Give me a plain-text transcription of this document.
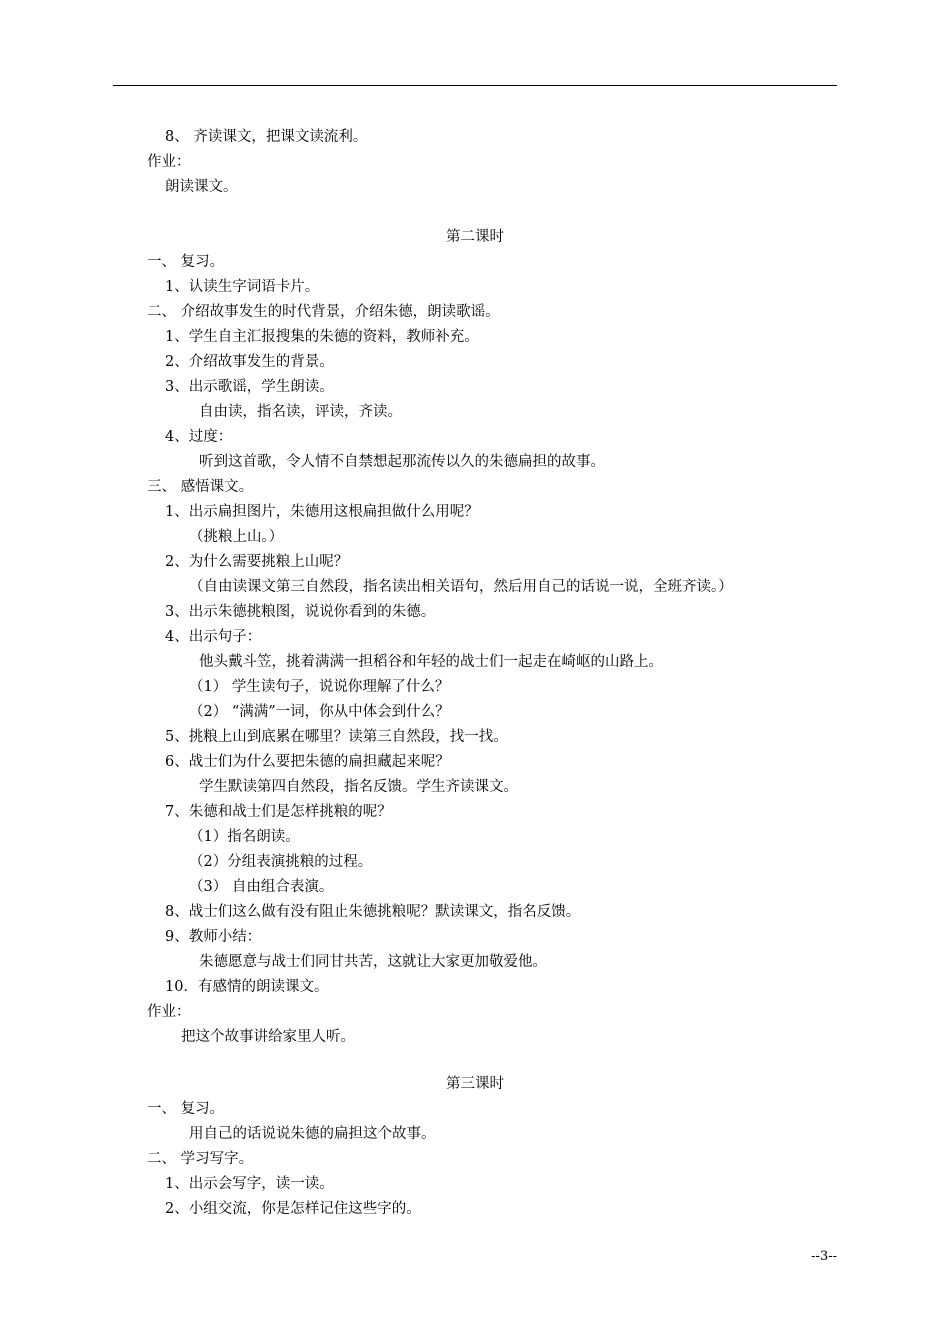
8、 齐读课文，把课文读流利。
作业：
朗读课文。
第二课时
一、 复习。
1、认读生字词语卡片。
二、 介绍故事发生的时代背景，介绍朱德，朗读歌谣。
1、学生自主汇报搜集的朱德的资料，教师补充。
2、介绍故事发生的背景。
3、出示歌谣，学生朗读。
自由读，指名读，评读，齐读。
4、过度：
听到这首歌，令人情不自禁想起那流传以久的朱德扁担的故事。
三、 感悟课文。
1、出示扁担图片，朱德用这根扁担做什么用呢？
（挑粮上山。）
2、为什么需要挑粮上山呢？
（自由读课文第三自然段，指名读出相关语句，然后用自己的话说一说，全班齐读。）
3、出示朱德挑粮图，说说你看到的朱德。
4、出示句子：
他头戴斗笠，挑着满满一担稻谷和年轻的战士们一起走在崎岖的山路上。
（1） 学生读句子，说说你理解了什么？
（2） “满满”一词，你从中体会到什么？
5、挑粮上山到底累在哪里？读第三自然段，找一找。
6、战士们为什么要把朱德的扁担藏起来呢？
学生默读第四自然段，指名反馈。学生齐读课文。
7、朱德和战士们是怎样挑粮的呢？
（1）指名朗读。
（2）分组表演挑粮的过程。
（3） 自由组合表演。
8、战士们这么做有没有阻止朱德挑粮呢？默读课文，指名反馈。
9、教师小结：
朱德愿意与战士们同甘共苦，这就让大家更加敬爱他。
10．有感情的朗读课文。
作业：
把这个故事讲给家里人听。
第三课时
一、 复习。
用自己的话说说朱德的扁担这个故事。
二、 学习写字。
1、出示会写字，读一读。
2、小组交流，你是怎样记住这些字的。
--3--
